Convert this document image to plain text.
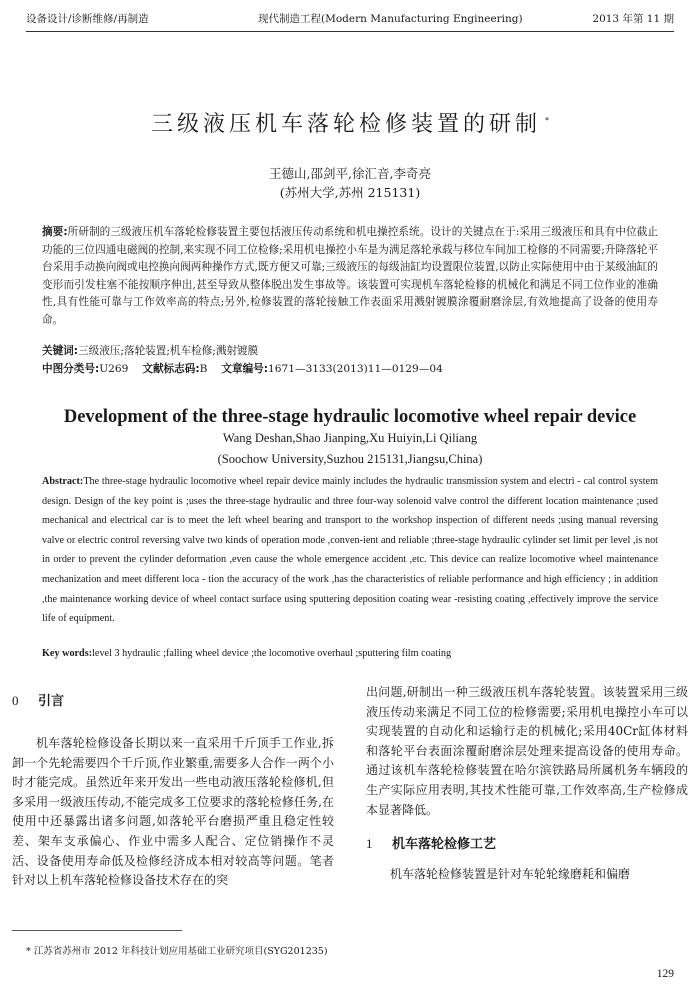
设备设计/诊断维修/再制造	现代制造工程(Modern Manufacturing Engineering)	2013 年第 11 期
三级液压机车落轮检修装置的研制 *
王德山,邵剑平,徐汇音,李奇亮
(苏州大学,苏州 215131)
摘要:所研制的三级液压机车落轮检修装置主要包括液压传动系统和机电操控系统。设计的关键点在于:采用三级液压和具有中位截止功能的三位四通电磁阀的控制,来实现不同工位检修;采用机电操控小车是为满足落轮承载与移位车间加工检修的不同需要;升降落轮平台采用手动换向阀或电控换向阀两种操作方式,既方便又可靠;三级液压的每级油缸均设置限位装置,以防止实际使用中由于某级油缸的变形而引发柱塞不能按顺序伸出,甚至导致从整体脱出发生事故等。该装置可实现机车落轮检修的机械化和满足不同工位作业的准确性,具有性能可靠与工作效率高的特点;另外,检修装置的落轮接触工作表面采用溅射镀膜涂覆耐磨涂层,有效地提高了设备的使用寿命。
关键词:三级液压;落轮装置;机车检修;溅射镀膜
中图分类号:U269 文献标志码:B 文章编号:1671—3133(2013)11—0129—04
Development of the three-stage hydraulic locomotive wheel repair device
Wang Deshan,Shao Jianping,Xu Huiyin,Li Qiliang
(Soochow University,Suzhou 215131,Jiangsu,China)
Abstract:The three-stage hydraulic locomotive wheel repair device mainly includes the hydraulic transmission system and electri - cal control system design. Design of the key point is ;uses the three-stage hydraulic and three four-way solenoid valve control the different location maintenance ;used mechanical and electrical car is to meet the left wheel bearing and transport to the workshop inspection of different needs ;using manual reversing valve or electric control reversing valve two kinds of operation mode ,conven-ient and reliable ;three-stage hydraulic cylinder set limit per level ,is not in order to prevent the cylinder deformation ,even cause the whole emergence accident ,etc. This device can realize locomotive wheel maintenance mechanization and meet different loca - tion the accuracy of the work ,has the characteristics of reliable performance and high efficiency ; in addition ,the maintenance working device of wheel contact surface using sputtering deposition coating wear -resisting coating ,effectively improve the service life of equipment.
Key words:level 3 hydraulic ;falling wheel device ;the locomotive overhaul ;sputtering film coating
0 引言

机车落轮检修设备长期以来一直采用千斤顶手工作业,拆卸一个先轮需要四个千斤顶,作业繁重,需要多人合作一两个小时才能完成。虽然近年来开发出一些电动液压落轮检修机,但多采用一级液压传动,不能完成多工位要求的落轮检修任务,在使用中还暴露出诸多问题,如落轮平台磨损严重且稳定性较差、架车支承偏心、作业中需多人配合、定位销操作不灵活、设备使用寿命低及检修经济成本相对较高等问题。笔者针对以上机车落轮检修设备技术存在的突

出问题,研制出一种三级液压机车落轮装置。该装置采用三级液压传动来满足不同工位的检修需要;采用机电操控小车可以实现装置的自动化和运输行走的机械化;采用40Cr缸体材料和落轮平台表面涂覆耐磨涂层处理来提高设备的使用寿命。通过该机车落轮检修装置在哈尔滨铁路局所属机务车辆段的生产实际应用表明,其技术性能可靠,工作效率高,生产检修成本显著降低。

1 机车落轮检修工艺

机车落轮检修装置是针对车轮轮缘磨耗和偏磨

* 江苏省苏州市 2012 年科技计划应用基础工业研究项目(SYG201235)
129
